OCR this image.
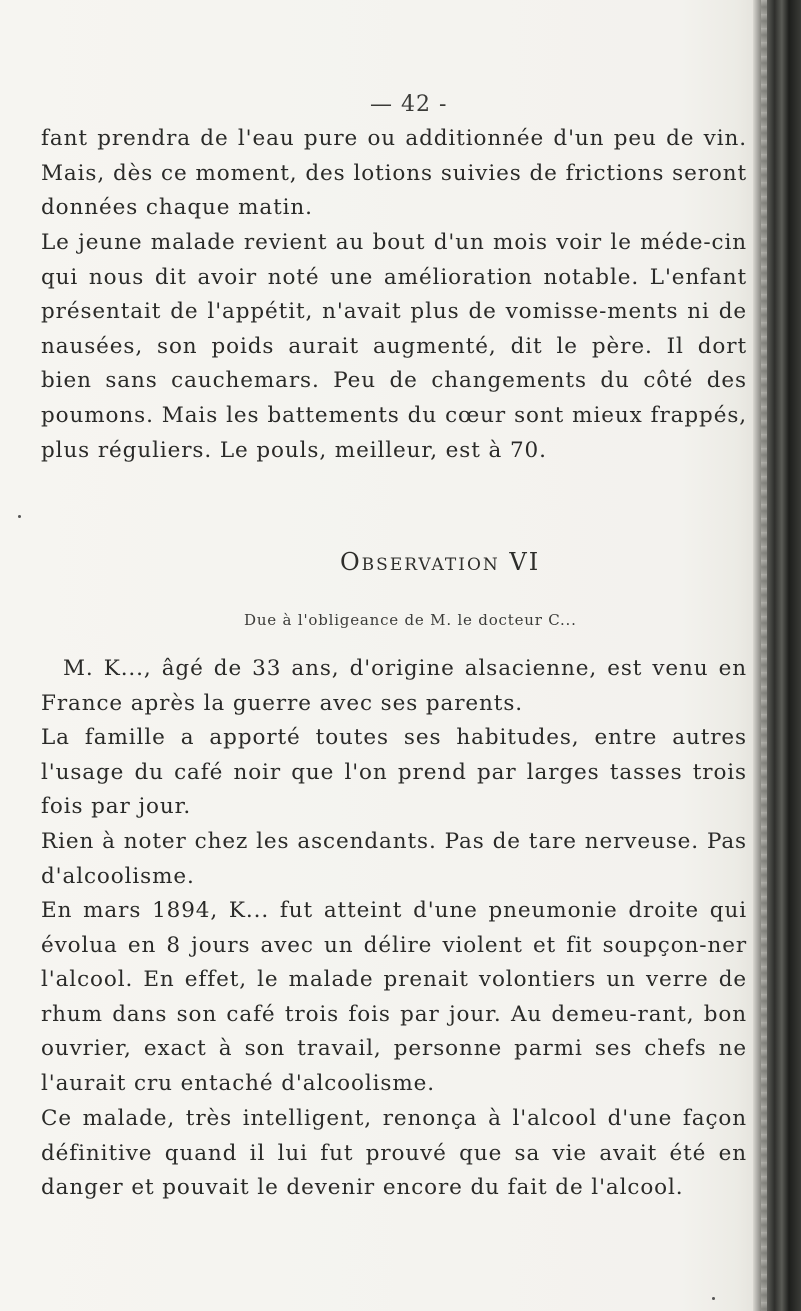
— 42 -

fant prendra de l'eau pure ou additionnée d'un peu de vin. Mais, dès ce moment, des lotions suivies de frictions seront données chaque matin.

Le jeune malade revient au bout d'un mois voir le méde-cin qui nous dit avoir noté une amélioration notable. L'enfant présentait de l'appétit, n'avait plus de vomisse-ments ni de nausées, son poids aurait augmenté, dit le père. Il dort bien sans cauchemars. Peu de changements du côté des poumons. Mais les battements du cœur sont mieux frappés, plus réguliers. Le pouls, meilleur, est à 70.

Observation VI
Due à l'obligeance de M. le docteur C...

M. K..., âgé de 33 ans, d'origine alsacienne, est venu en France après la guerre avec ses parents.

La famille a apporté toutes ses habitudes, entre autres l'usage du café noir que l'on prend par larges tasses trois fois par jour.

Rien à noter chez les ascendants. Pas de tare nerveuse. Pas d'alcoolisme.

En mars 1894, K... fut atteint d'une pneumonie droite qui évolua en 8 jours avec un délire violent et fit soupçon-ner l'alcool. En effet, le malade prenait volontiers un verre de rhum dans son café trois fois par jour. Au demeu-rant, bon ouvrier, exact à son travail, personne parmi ses chefs ne l'aurait cru entaché d'alcoolisme.

Ce malade, très intelligent, renonça à l'alcool d'une façon définitive quand il lui fut prouvé que sa vie avait été en danger et pouvait le devenir encore du fait de l'alcool.
